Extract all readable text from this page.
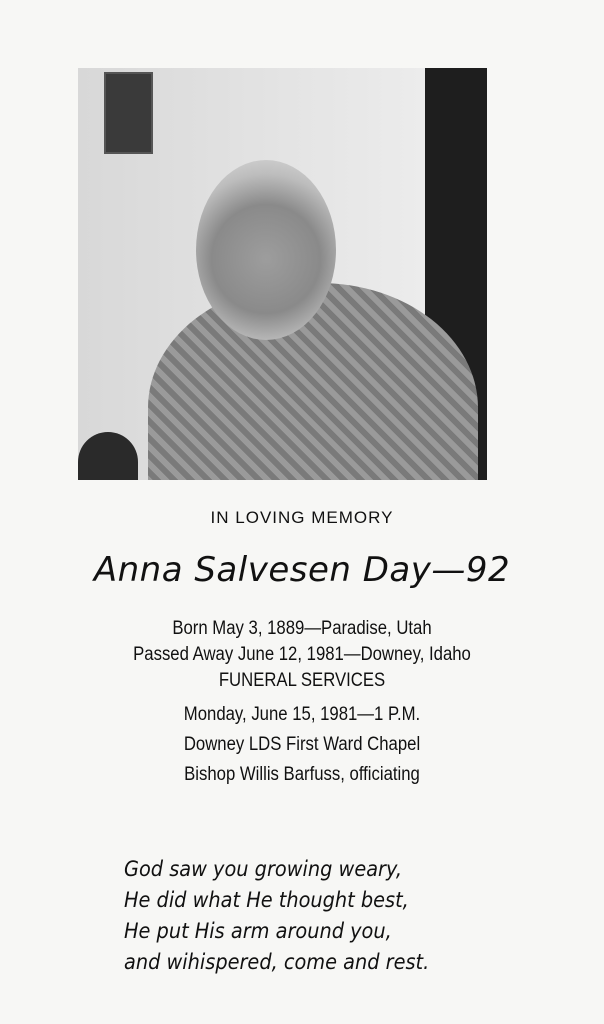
IN LOVING MEMORY
Anna Salvesen Day—92
Born May 3, 1889—Paradise, Utah
Passed Away June 12, 1981—Downey, Idaho
FUNERAL SERVICES
Monday, June 15, 1981—1 P.M.
Downey LDS First Ward Chapel
Bishop Willis Barfuss, officiating
God saw you growing weary,
He did what He thought best,
He put His arm around you,
and wihispered, come and rest.
